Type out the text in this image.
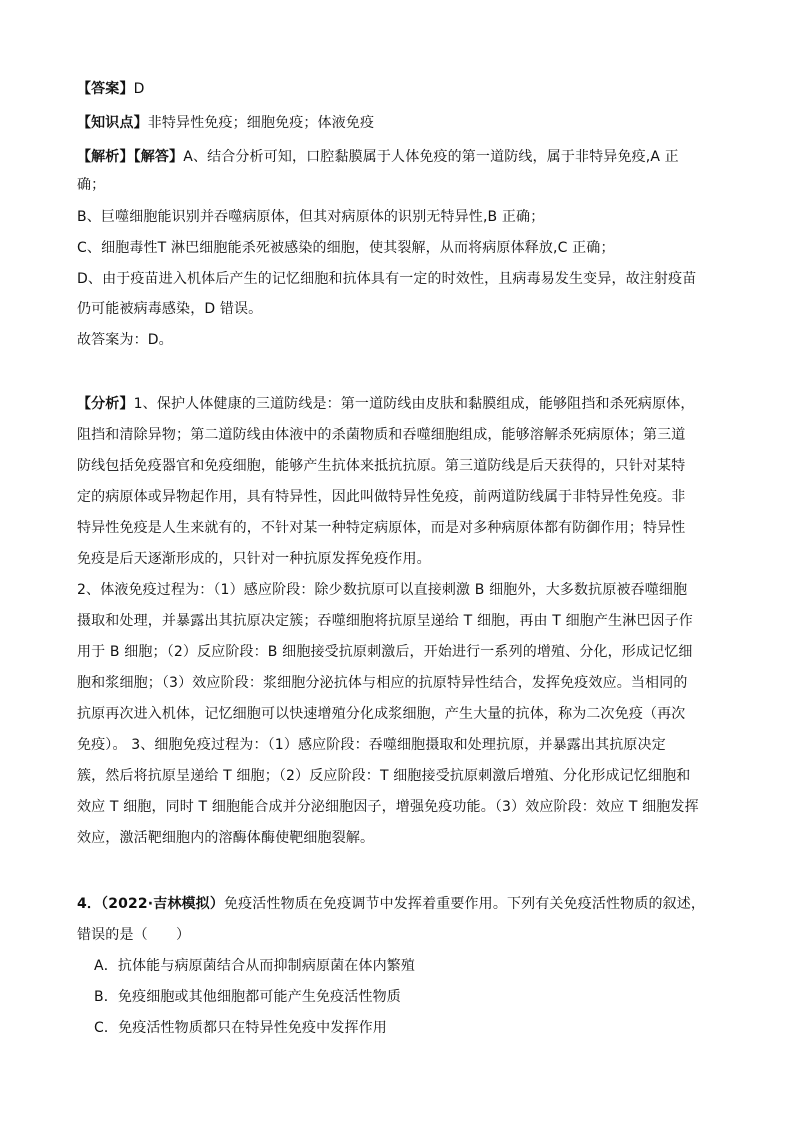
【答案】D
【知识点】非特异性免疫；细胞免疫；体液免疫
【解析】【解答】A、结合分析可知，口腔黏膜属于人体免疫的第一道防线，属于非特异免疫,A 正
确；
B、巨噬细胞能识别并吞噬病原体，但其对病原体的识别无特异性,B 正确；
C、细胞毒性T 淋巴细胞能杀死被感染的细胞，使其裂解，从而将病原体释放,C 正确；
D、由于疫苗进入机体后产生的记忆细胞和抗体具有一定的时效性，且病毒易发生变异，故注射疫苗
仍可能被病毒感染，D 错误。
故答案为：D。
【分析】1、保护人体健康的三道防线是：第一道防线由皮肤和黏膜组成，能够阻挡和杀死病原体，
阻挡和清除异物；第二道防线由体液中的杀菌物质和吞噬细胞组成，能够溶解杀死病原体；第三道
防线包括免疫器官和免疫细胞，能够产生抗体来抵抗抗原。第三道防线是后天获得的，只针对某特
定的病原体或异物起作用，具有特异性，因此叫做特异性免疫，前两道防线属于非特异性免疫。非
特异性免疫是人生来就有的，不针对某一种特定病原体，而是对多种病原体都有防御作用；特异性
免疫是后天逐渐形成的，只针对一种抗原发挥免疫作用。
2、体液免疫过程为：（1）感应阶段：除少数抗原可以直接刺激 B 细胞外，大多数抗原被吞噬细胞
摄取和处理，并暴露出其抗原决定簇；吞噬细胞将抗原呈递给 T 细胞，再由 T 细胞产生淋巴因子作
用于 B 细胞；（2）反应阶段：B 细胞接受抗原刺激后，开始进行一系列的增殖、分化，形成记忆细
胞和浆细胞；（3）效应阶段：浆细胞分泌抗体与相应的抗原特异性结合，发挥免疫效应。当相同的
抗原再次进入机体，记忆细胞可以快速增殖分化成浆细胞，产生大量的抗体，称为二次免疫（再次
免疫）。 3、细胞免疫过程为：（1）感应阶段：吞噬细胞摄取和处理抗原，并暴露出其抗原决定
簇，然后将抗原呈递给 T 细胞；（2）反应阶段：T 细胞接受抗原刺激后增殖、分化形成记忆细胞和
效应 T 细胞，同时 T 细胞能合成并分泌细胞因子，增强免疫功能。（3）效应阶段：效应 T 细胞发挥
效应，激活靶细胞内的溶酶体酶使靶细胞裂解。
4．（2022·吉林模拟）免疫活性物质在免疫调节中发挥着重要作用。下列有关免疫活性物质的叙述，
错误的是（　　）
A．抗体能与病原菌结合从而抑制病原菌在体内繁殖
B．免疫细胞或其他细胞都可能产生免疫活性物质
C．免疫活性物质都只在特异性免疫中发挥作用
